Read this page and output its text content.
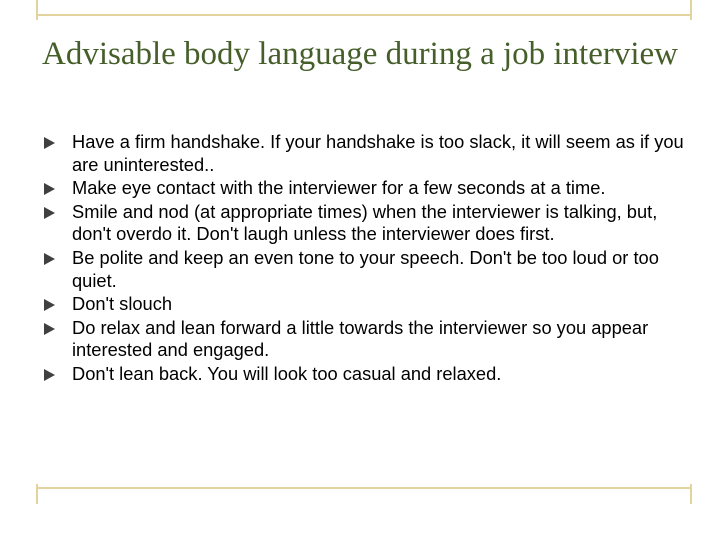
Advisable body language during a job interview
Have a firm handshake. If your handshake is too slack, it will seem as if you are uninterested..
Make eye contact with the interviewer for a few seconds at a time.
Smile and nod (at appropriate times) when the interviewer is talking, but, don't overdo it. Don't laugh unless the interviewer does first.
Be polite and keep an even tone to your speech. Don't be too loud or too quiet.
Don't slouch
Do relax and lean forward a little towards the interviewer so you appear interested and engaged.
Don't lean back. You will look too casual and relaxed.
